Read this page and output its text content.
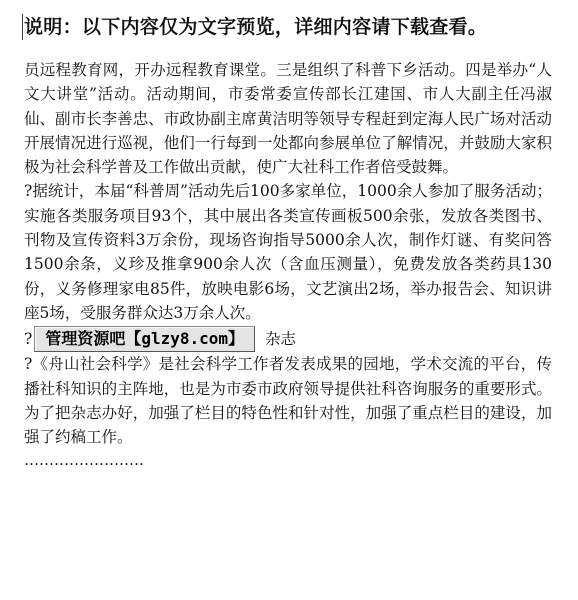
说明：以下内容仅为文字预览，详细内容请下载查看。

员远程教育网，开办远程教育课堂。三是组织了科普下乡活动。四是举办“人文大讲堂”活动。活动期间，市委常委宣传部长江建国、市人大副主任冯淑仙、副市长李善忠、市政协副主席黄洁明等领导专程赶到定海人民广场对活动开展情况进行巡视，他们一行每到一处都向参展单位了解情况，并鼓励大家积极为社会科学普及工作做出贡献，使广大社科工作者倍受鼓舞。

?据统计，本届“科普周”活动先后100多家单位，1000余人参加了服务活动；实施各类服务项目93个，其中展出各类宣传画板500余张，发放各类图书、刊物及宣传资料3万余份，现场咨询指导5000余人次，制作灯谜、有奖问答1500余条，义珍及推拿900余人次（含血压测量），免费发放各类药具130份，义务修理家电85件，放映电影6场，文艺演出2场，举办报告会、知识讲座5场，受服务群众达3万余人次。

? 管理资源吧【glzy8.com】	杂志

?《舟山社会科学》是社会科学工作者发表成果的园地，学术交流的平台，传播社科知识的主阵地，也是为市委市政府领导提供社科咨询服务的重要形式。为了把杂志办好，加强了栏目的特色性和针对性，加强了重点栏目的建设，加强了约稿工作。

……………………
